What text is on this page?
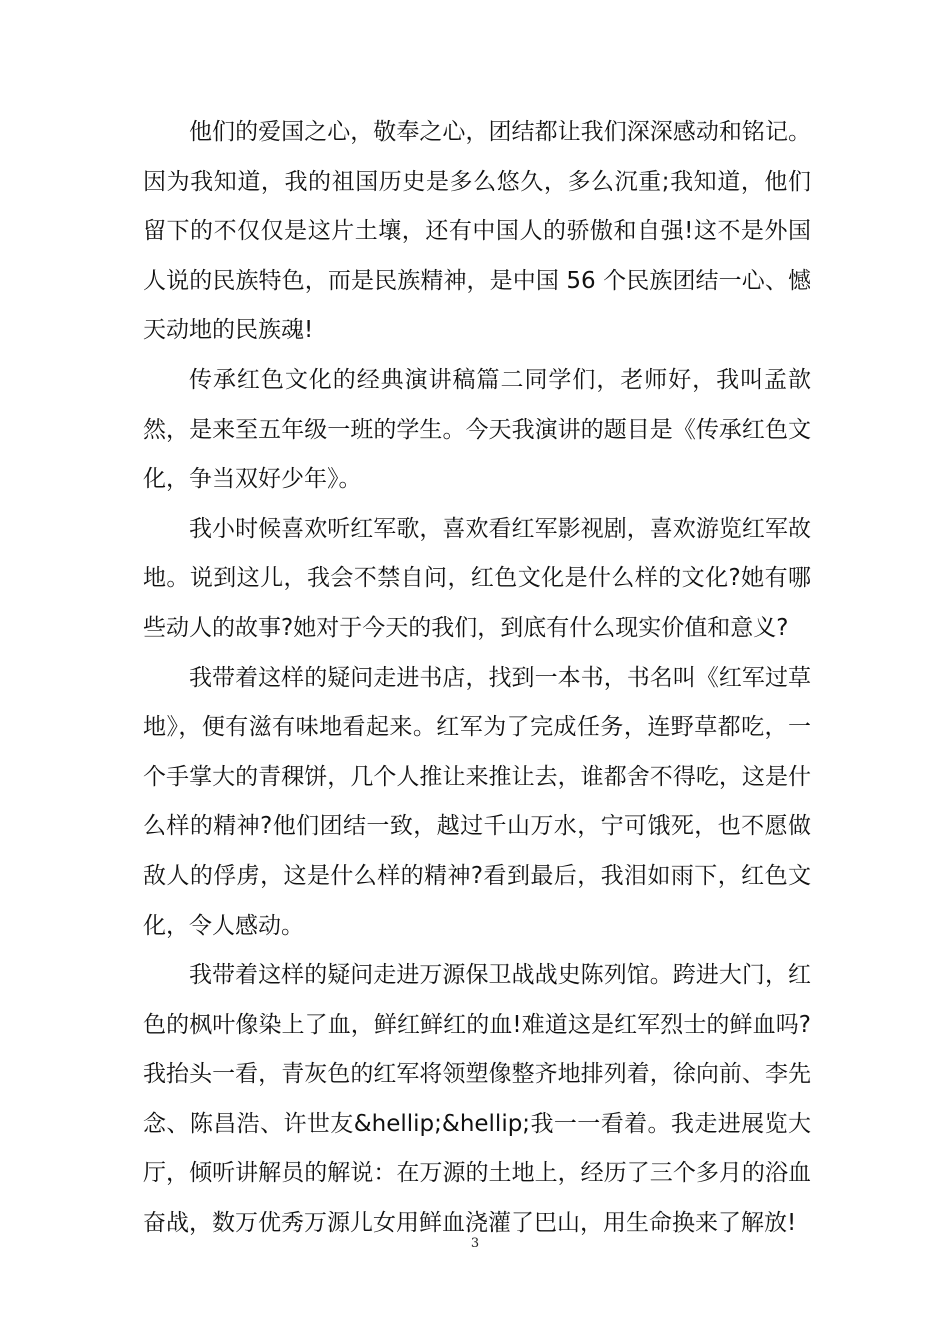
他们的爱国之心，敬奉之心，团结都让我们深深感动和铭记。因为我知道，我的祖国历史是多么悠久，多么沉重;我知道，他们留下的不仅仅是这片土壤，还有中国人的骄傲和自强!这不是外国人说的民族特色，而是民族精神，是中国 56 个民族团结一心、憾天动地的民族魂!

传承红色文化的经典演讲稿篇二同学们，老师好，我叫孟歆然，是来至五年级一班的学生。今天我演讲的题目是《传承红色文化，争当双好少年》。

我小时候喜欢听红军歌，喜欢看红军影视剧，喜欢游览红军故地。说到这儿，我会不禁自问，红色文化是什么样的文化?她有哪些动人的故事?她对于今天的我们，到底有什么现实价值和意义?

我带着这样的疑问走进书店，找到一本书，书名叫《红军过草地》，便有滋有味地看起来。红军为了完成任务，连野草都吃，一个手掌大的青稞饼，几个人推让来推让去，谁都舍不得吃，这是什么样的精神?他们团结一致，越过千山万水，宁可饿死，也不愿做敌人的俘虏，这是什么样的精神?看到最后，我泪如雨下，红色文化，令人感动。

我带着这样的疑问走进万源保卫战战史陈列馆。跨进大门，红色的枫叶像染上了血，鲜红鲜红的血!难道这是红军烈士的鲜血吗?我抬头一看，青灰色的红军将领塑像整齐地排列着，徐向前、李先念、陈昌浩、许世友&hellip;&hellip;我一一看着。我走进展览大厅，倾听讲解员的解说：在万源的土地上，经历了三个多月的浴血奋战，数万优秀万源儿女用鲜血浇灌了巴山，用生命换来了解放!

3
